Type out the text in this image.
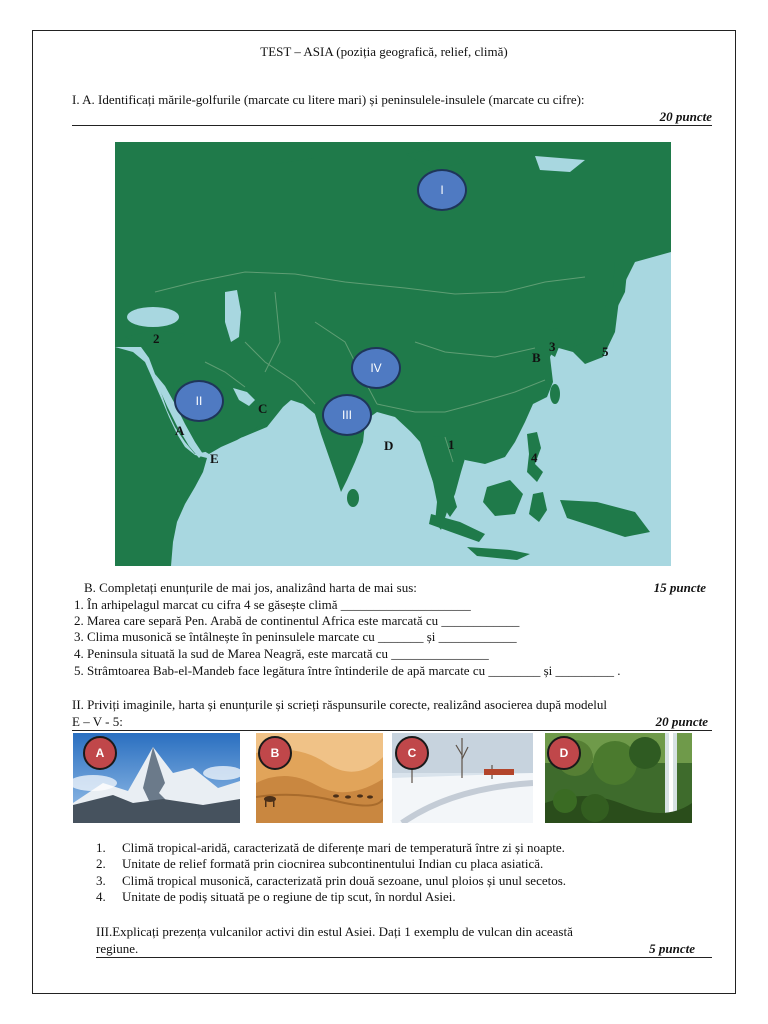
TEST – ASIA (poziția geografică, relief, climă)
I. A. Identificați mările-golfurile (marcate cu litere mari) și peninsulele-insulele (marcate cu cifre):
20 puncte
I
II
III
IV
A
B
C
D
E
1
2
3
4
5
B. Completați enunțurile de mai jos, analizând harta de mai sus:	15 puncte
1. În arhipelagul marcat cu cifra 4 se găsește climă ____________________
2. Marea care separă Pen. Arabă de continentul Africa este marcată cu ____________
3. Clima musonică se întâlnește în peninsulele marcate cu _______ și ____________
4. Peninsula situată la sud de Marea Neagră, este marcată cu _______________
5. Strâmtoarea Bab-el-Mandeb face legătura între întinderile de apă marcate cu ________ și _________ .
II. Priviți imaginile, harta și enunțurile și scrieți răspunsurile corecte, realizând asocierea după modelul
E – V - 5:	20 puncte
A	B	C	D
1. Climă tropical-aridă, caracterizată de diferențe mari de temperatură între zi și noapte.
2. Unitate de relief formată prin ciocnirea subcontinentului Indian cu placa asiatică.
3. Climă tropical musonică, caracterizată prin două sezoane, unul ploios și unul secetos.
4. Unitate de podiș situată pe o regiune de tip scut, în nordul Asiei.
III.Explicați prezența vulcanilor activi din estul Asiei. Dați 1 exemplu de vulcan din această
regiune.	5 puncte
